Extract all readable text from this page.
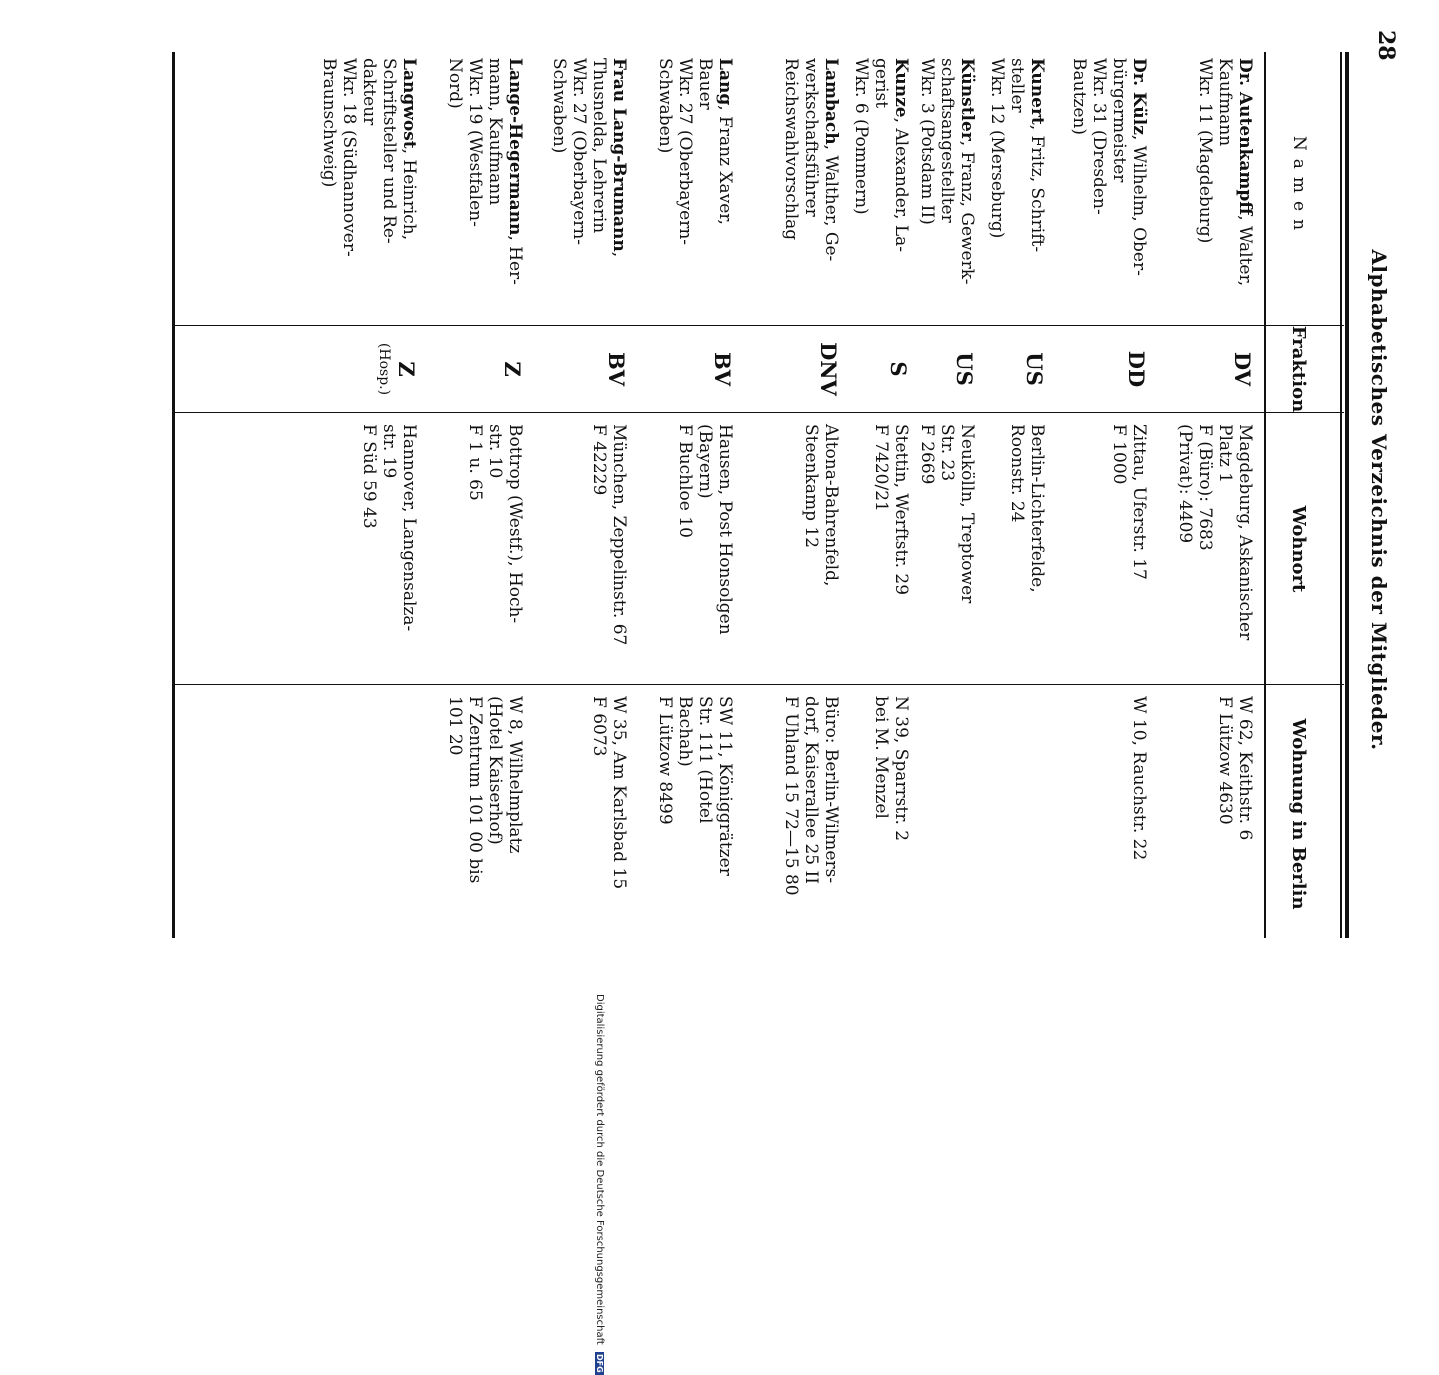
28
Alphabetisches Verzeichnis der Mitglieder.
Namen
Fraktion
Wohnort
Wohnung in Berlin
Dr. Autenkampff, Walter,
Kaufmann
Wkr. 11 (Magdeburg)
DV
Magdeburg, Askanischer
Platz 1
F (Büro): 7683
(Privat): 4409
W 62, Keithstr. 6
F Lützow 4630
Dr. Külz, Wilhelm, Ober-
bürgermeister
Wkr. 31 (Dresden-
Bautzen)
DD
Zittau, Uferstr. 17
F 1000
W 10, Rauchstr. 22
Kunert, Fritz, Schrift-
steller
Wkr. 12 (Merseburg)
US
Berlin-Lichterfelde,
Roonstr. 24
Künstler, Franz, Gewerk-
schaftsangestellter
Wkr. 3 (Potsdam II)
US
Neukölln, Treptower
Str. 23
F 2669
Kunze, Alexander, La-
gerist
Wkr. 6 (Pommern)
S
Stettin, Werftstr. 29
F 7420/21
N 39, Sparrstr. 2
bei M. Menzel
Lambach, Walther, Ge-
werkschaftsführer
Reichswahlvorschlag
DNV
Altona-Bahrenfeld,
Steenkamp 12
Büro: Berlin-Wilmers-
dorf, Kaiserallee 25 II
F Uhland 15 72—15 80
Lang, Franz Xaver,
Bauer
Wkr. 27 (Oberbayern-
Schwaben)
BV
Hausen, Post Honsolgen
(Bayern)
F Buchloe 10
SW 11, Königgrätzer
Str. 111 (Hotel
Bachah)
F Lützow 8499
Frau Lang-Brumann,
Thusnelda, Lehrerin
Wkr. 27 (Oberbayern-
Schwaben)
BV
München, Zeppelinstr. 67
F 42229
W 35, Am Karlsbad 15
F 6073
Lange-Hegermann, Her-
mann, Kaufmann
Wkr. 19 (Westfalen-
Nord)
Z
Bottrop (Westf.), Hoch-
str. 10
F 1 u. 65
W 8, Wilhelmplatz
(Hotel Kaiserhof)
F Zentrum 101 00 bis
101 20
Langwost, Heinrich,
Schriftsteller und Re-
dakteur
Wkr. 18 (Südhannover-
Braunschweig)
Z
(Hosp.)
Hannover, Langensalza-
str. 19
F Süd 59 43
Digitalisierung gefördert durch die Deutsche Forschungsgemeinschaft DFG
